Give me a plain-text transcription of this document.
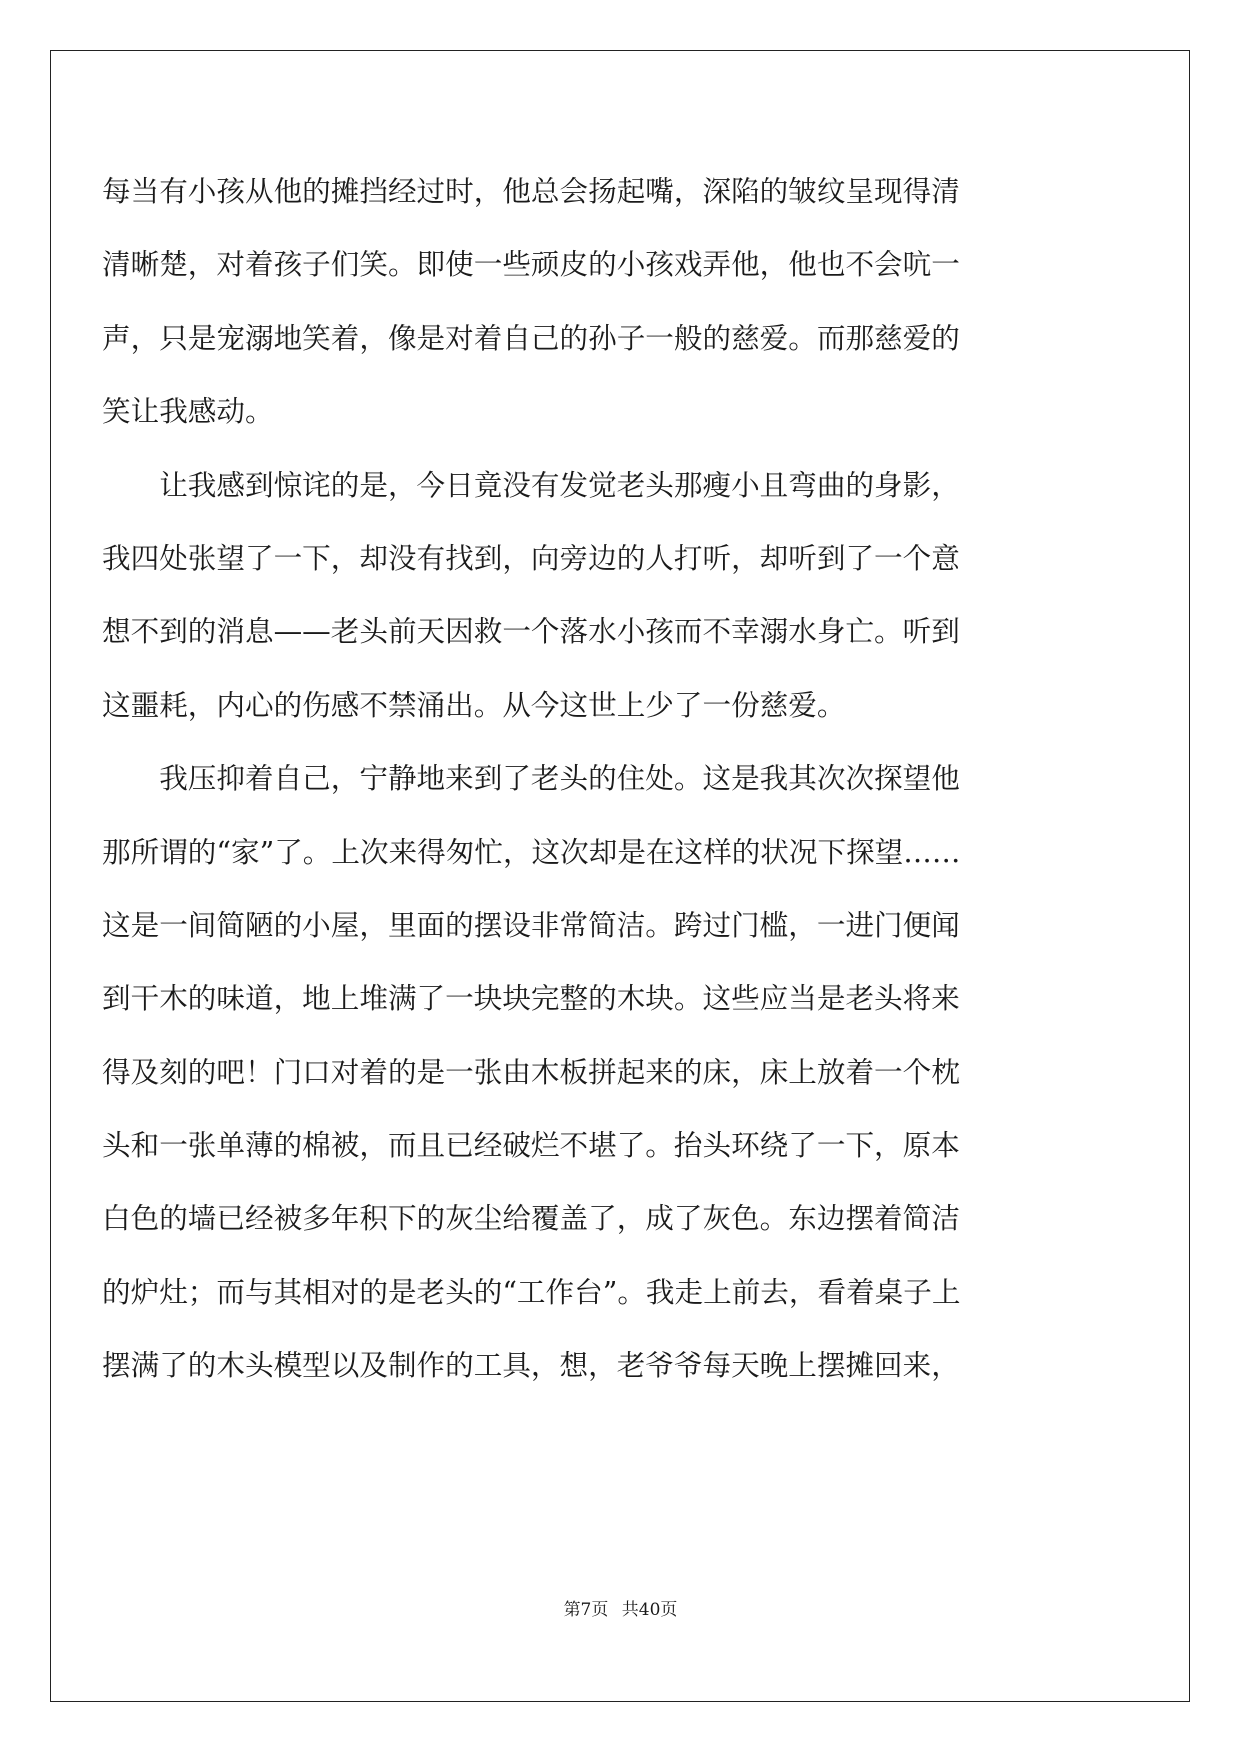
每当有小孩从他的摊挡经过时，他总会扬起嘴，深陷的皱纹呈现得清

清晰楚，对着孩子们笑。即使一些顽皮的小孩戏弄他，他也不会吭一

声，只是宠溺地笑着，像是对着自己的孙子一般的慈爱。而那慈爱的

笑让我感动。

　　让我感到惊诧的是，今日竟没有发觉老头那瘦小且弯曲的身影，

我四处张望了一下，却没有找到，向旁边的人打听，却听到了一个意

想不到的消息——老头前天因救一个落水小孩而不幸溺水身亡。听到

这噩耗，内心的伤感不禁涌出。从今这世上少了一份慈爱。

　　我压抑着自己，宁静地来到了老头的住处。这是我其次次探望他

那所谓的“家”了。上次来得匆忙，这次却是在这样的状况下探望……

这是一间简陋的小屋，里面的摆设非常简洁。跨过门槛，一进门便闻

到干木的味道，地上堆满了一块块完整的木块。这些应当是老头将来

得及刻的吧！门口对着的是一张由木板拼起来的床，床上放着一个枕

头和一张单薄的棉被，而且已经破烂不堪了。抬头环绕了一下，原本

白色的墙已经被多年积下的灰尘给覆盖了，成了灰色。东边摆着简洁

的炉灶；而与其相对的是老头的“工作台”。我走上前去，看着桌子上

摆满了的木头模型以及制作的工具，想，老爷爷每天晚上摆摊回来，

第7页 共40页
